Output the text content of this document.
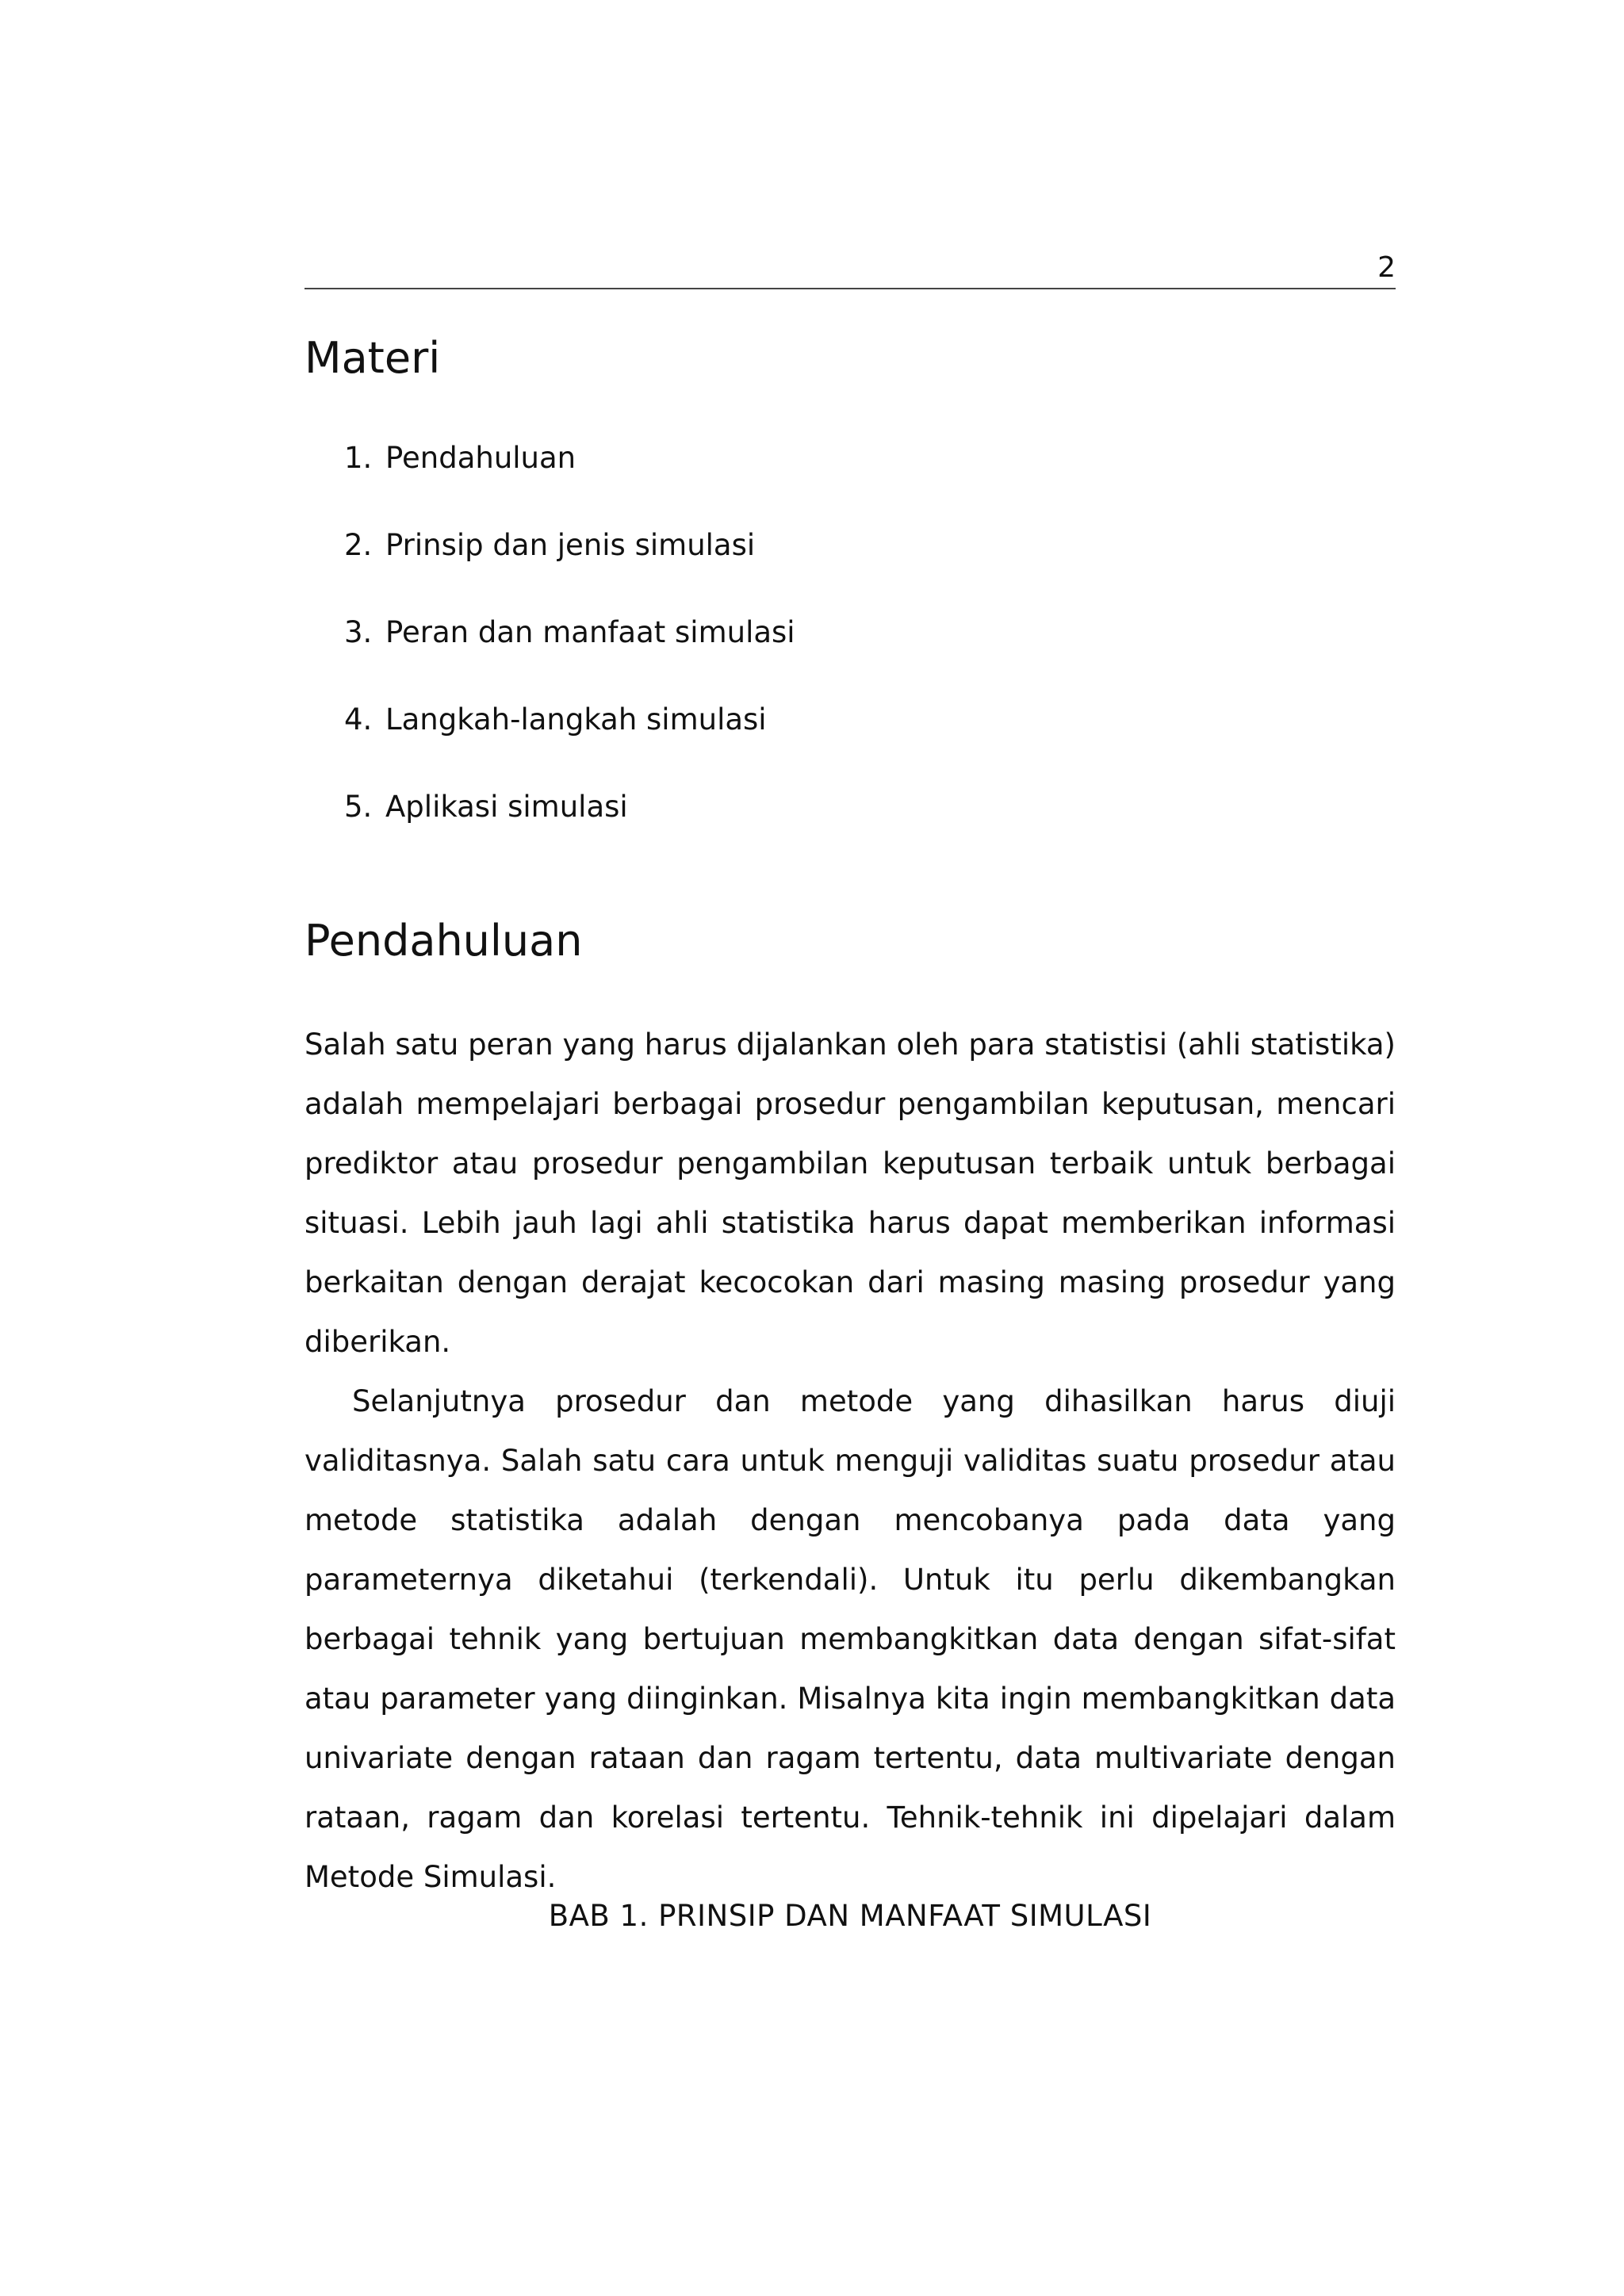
2
Materi
1. Pendahuluan
2. Prinsip dan jenis simulasi
3. Peran dan manfaat simulasi
4. Langkah-langkah simulasi
5. Aplikasi simulasi
Pendahuluan

Salah satu peran yang harus dijalankan oleh para statistisi (ahli statistika) adalah mempelajari berbagai prosedur pengambilan keputusan, mencari prediktor atau prosedur pengambilan keputusan terbaik untuk berbagai situasi. Lebih jauh lagi ahli statistika harus dapat memberikan informasi berkaitan dengan derajat kecocokan dari masing masing prosedur yang diberikan.

Selanjutnya prosedur dan metode yang dihasilkan harus diuji validitasnya. Salah satu cara untuk menguji validitas suatu prosedur atau metode statistika adalah dengan mencobanya pada data yang parameternya diketahui (terkendali). Untuk itu perlu dikembangkan berbagai tehnik yang bertujuan membangkitkan data dengan sifat-sifat atau parameter yang diinginkan. Misalnya kita ingin membangkitkan data univariate dengan rataan dan ragam tertentu, data multivariate dengan rataan, ragam dan korelasi tertentu. Tehnik-tehnik ini dipelajari dalam Metode Simulasi.

BAB 1. PRINSIP DAN MANFAAT SIMULASI
